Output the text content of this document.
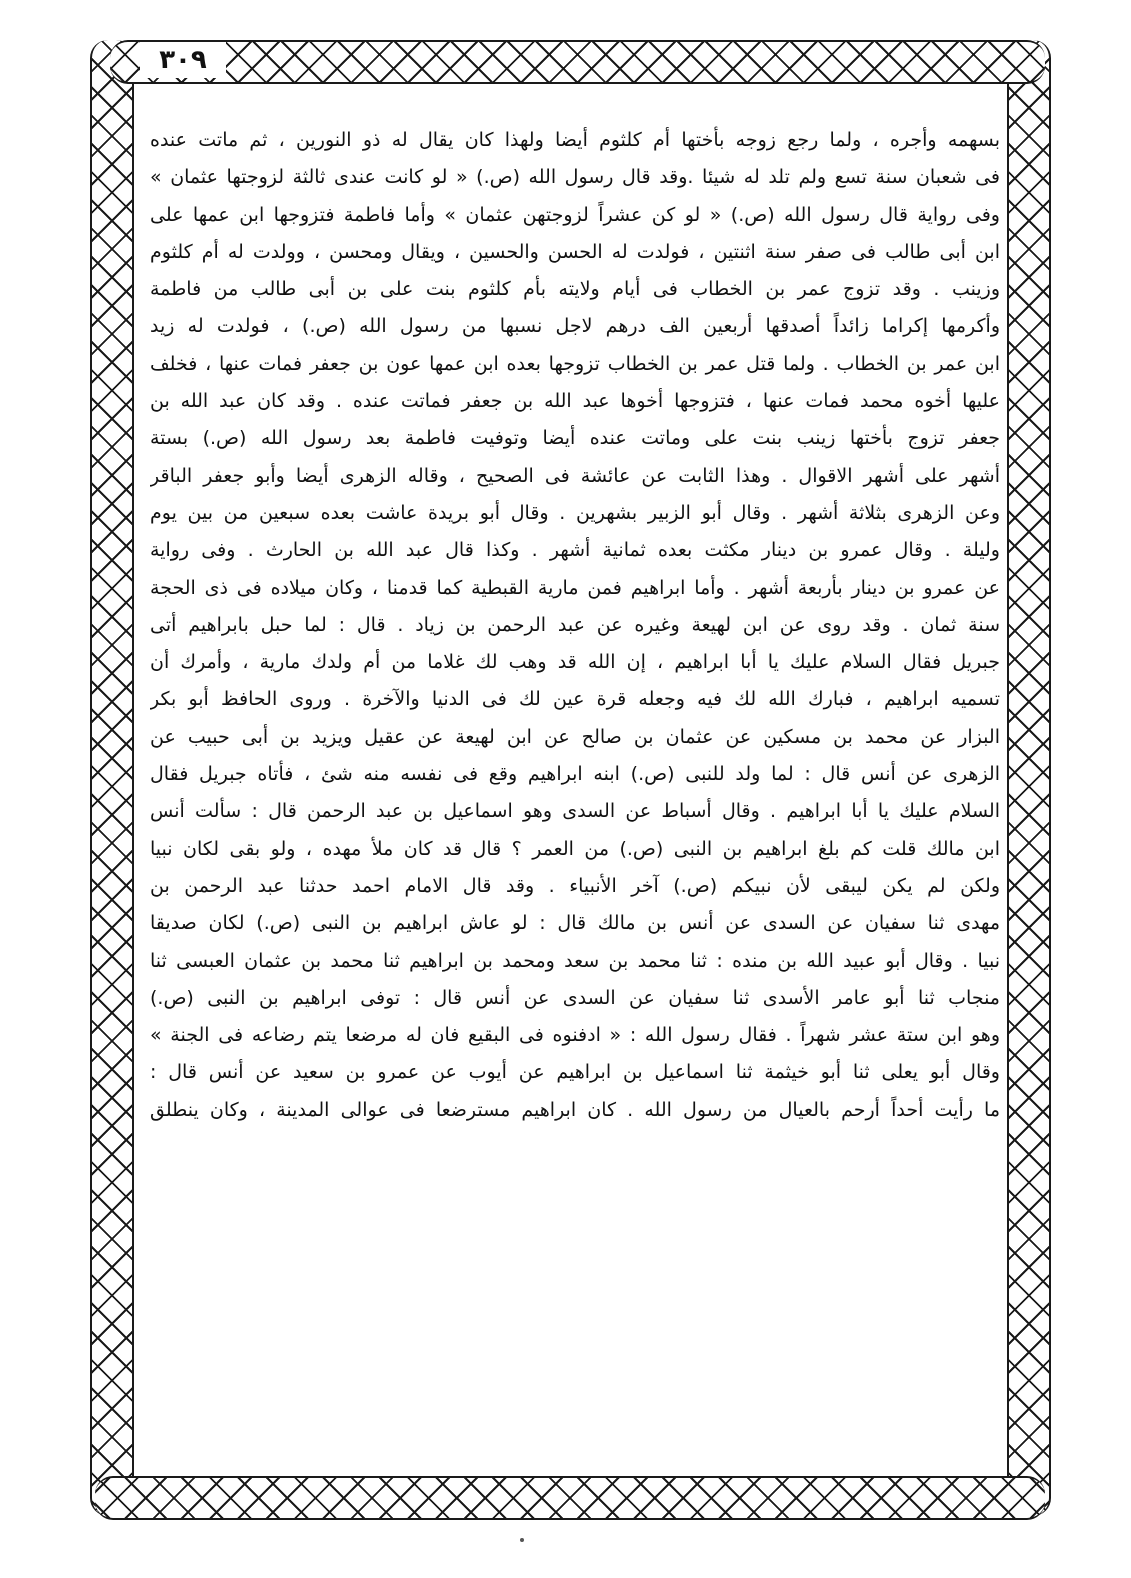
٣٠٩
بسهمه وأجره ، ولما رجع زوجه بأختها أم كلثوم أيضا ولهذا كان يقال له ذو النورين ، ثم ماتت عنده
فى شعبان سنة تسع ولم تلد له شيئا .وقد قال رسول الله (ص.) « لو كانت عندى ثالثة لزوجتها عثمان »
وفى رواية قال رسول الله (ص.) « لو كن عشراً لزوجتهن عثمان » وأما فاطمة فتزوجها ابن عمها على
ابن أبى طالب فى صفر سنة اثنتين ، فولدت له الحسن والحسين ، ويقال ومحسن ، وولدت له أم كلثوم
وزينب . وقد تزوج عمر بن الخطاب فى أيام ولايته بأم كلثوم بنت على بن أبى طالب من فاطمة
وأكرمها إكراما زائداً أصدقها أربعين الف درهم لاجل نسبها من رسول الله (ص.) ، فولدت له زيد
ابن عمر بن الخطاب . ولما قتل عمر بن الخطاب تزوجها بعده ابن عمها عون بن جعفر فمات عنها ، فخلف
عليها أخوه محمد فمات عنها ، فتزوجها أخوها عبد الله بن جعفر فماتت عنده . وقد كان عبد الله بن
جعفر تزوج بأختها زينب بنت على وماتت عنده أيضا وتوفيت فاطمة بعد رسول الله (ص.) بستة
أشهر على أشهر الاقوال . وهذا الثابت عن عائشة فى الصحيح ، وقاله الزهرى أيضا وأبو جعفر الباقر
وعن الزهرى بثلاثة أشهر . وقال أبو الزبير بشهرين . وقال أبو بريدة عاشت بعده سبعين من بين يوم
وليلة . وقال عمرو بن دينار مكثت بعده ثمانية أشهر . وكذا قال عبد الله بن الحارث . وفى رواية
عن عمرو بن دينار بأربعة أشهر . وأما ابراهيم فمن مارية القبطية كما قدمنا ، وكان ميلاده فى ذى الحجة
سنة ثمان . وقد روى عن ابن لهيعة وغيره عن عبد الرحمن بن زياد . قال : لما حبل بابراهيم أتى
جبريل فقال السلام عليك يا أبا ابراهيم ، إن الله قد وهب لك غلاما من أم ولدك مارية ، وأمرك أن
تسميه ابراهيم ، فبارك الله لك فيه وجعله قرة عين لك فى الدنيا والآخرة . وروى الحافظ أبو بكر
البزار عن محمد بن مسكين عن عثمان بن صالح عن ابن لهيعة عن عقيل ويزيد بن أبى حبيب عن
الزهرى عن أنس قال : لما ولد للنبى (ص.) ابنه ابراهيم وقع فى نفسه منه شئ ، فأتاه جبريل فقال
السلام عليك يا أبا ابراهيم . وقال أسباط عن السدى وهو اسماعيل بن عبد الرحمن قال : سألت أنس
ابن مالك قلت كم بلغ ابراهيم بن النبى (ص.) من العمر ؟ قال قد كان ملأ مهده ، ولو بقى لكان نبيا
ولكن لم يكن ليبقى لأن نبيكم (ص.) آخر الأنبياء . وقد قال الامام احمد حدثنا عبد الرحمن بن
مهدى ثنا سفيان عن السدى عن أنس بن مالك قال : لو عاش ابراهيم بن النبى (ص.) لكان صديقا
نبيا . وقال أبو عبيد الله بن منده : ثنا محمد بن سعد ومحمد بن ابراهيم ثنا محمد بن عثمان العبسى ثنا
منجاب ثنا أبو عامر الأسدى ثنا سفيان عن السدى عن أنس قال : توفى ابراهيم بن النبى (ص.)
وهو ابن ستة عشر شهراً . فقال رسول الله : « ادفنوه فى البقيع فان له مرضعا يتم رضاعه فى الجنة »
وقال أبو يعلى ثنا أبو خيثمة ثنا اسماعيل بن ابراهيم عن أيوب عن عمرو بن سعيد عن أنس قال :
ما رأيت أحداً أرحم بالعيال من رسول الله . كان ابراهيم مسترضعا فى عوالى المدينة ، وكان ينطلق
